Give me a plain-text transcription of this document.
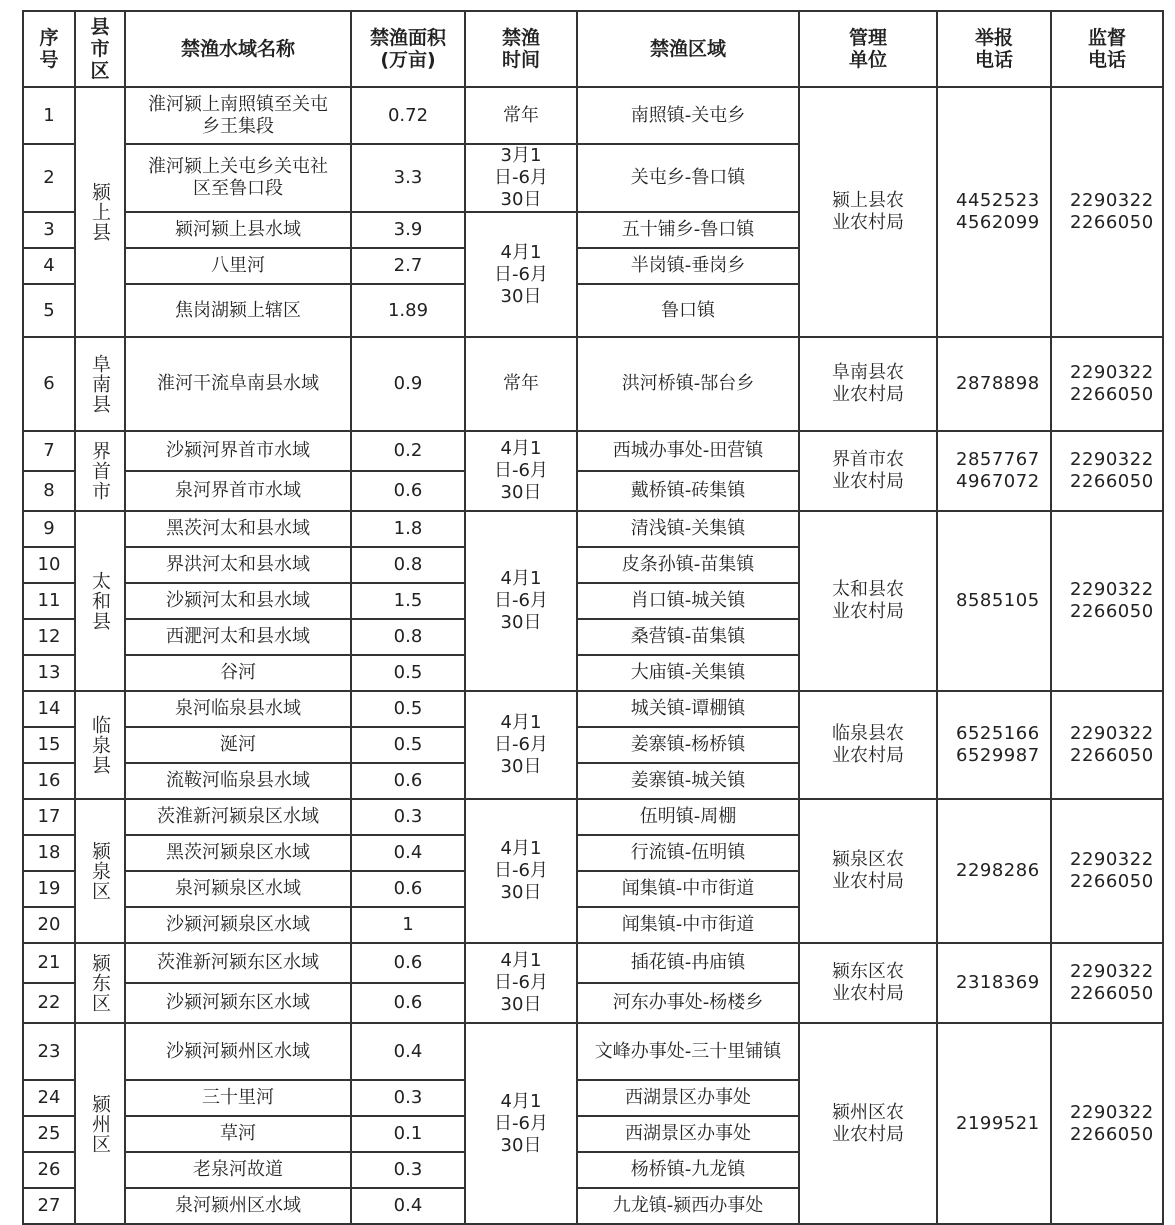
序号	县市区	禁渔水域名称	禁渔面积(万亩)	禁渔时间	禁渔区域	管理单位	举报电话	监督电话
1	颍上县	淮河颍上南照镇至关屯乡王集段	0.72	常年	南照镇-关屯乡	颍上县农业农村局	4452523 4562099	2290322 2266050
2		淮河颍上关屯乡关屯社区至鲁口段	3.3	3月1日-6月30日	关屯乡-鲁口镇			
3		颍河颍上县水域	3.9	4月1日-6月30日	五十铺乡-鲁口镇			
4		八里河	2.7		半岗镇-垂岗乡			
5		焦岗湖颍上辖区	1.89		鲁口镇			
6	阜南县	淮河干流阜南县水域	0.9	常年	洪河桥镇-郜台乡	阜南县农业农村局	2878898	2290322 2266050
7	界首市	沙颍河界首市水域	0.2	4月1日-6月30日	西城办事处-田营镇	界首市农业农村局	2857767 4967072	2290322 2266050
8		泉河界首市水域	0.6		戴桥镇-砖集镇			
9	太和县	黑茨河太和县水域	1.8	4月1日-6月30日	清浅镇-关集镇	太和县农业农村局	8585105	2290322 2266050
10		界洪河太和县水域	0.8		皮条孙镇-苗集镇			
11		沙颍河太和县水域	1.5		肖口镇-城关镇			
12		西淝河太和县水域	0.8		桑营镇-苗集镇			
13		谷河	0.5		大庙镇-关集镇			
14	临泉县	泉河临泉县水域	0.5	4月1日-6月30日	城关镇-谭棚镇	临泉县农业农村局	6525166 6529987	2290322 2266050
15		涎河	0.5		姜寨镇-杨桥镇			
16		流鞍河临泉县水域	0.6		姜寨镇-城关镇			
17	颍泉区	茨淮新河颍泉区水域	0.3	4月1日-6月30日	伍明镇-周棚	颍泉区农业农村局	2298286	2290322 2266050
18		黑茨河颍泉区水域	0.4		行流镇-伍明镇			
19		泉河颍泉区水域	0.6		闻集镇-中市街道			
20		沙颍河颍泉区水域	1		闻集镇-中市街道			
21	颍东区	茨淮新河颍东区水域	0.6	4月1日-6月30日	插花镇-冉庙镇	颍东区农业农村局	2318369	2290322 2266050
22		沙颍河颍东区水域	0.6		河东办事处-杨楼乡			
23	颍州区	沙颍河颍州区水域	0.4	4月1日-6月30日	文峰办事处-三十里铺镇	颍州区农业农村局	2199521	2290322 2266050
24		三十里河	0.3		西湖景区办事处			
25		草河	0.1		西湖景区办事处			
26		老泉河故道	0.3		杨桥镇-九龙镇			
27		泉河颍州区水域	0.4		九龙镇-颍西办事处			
